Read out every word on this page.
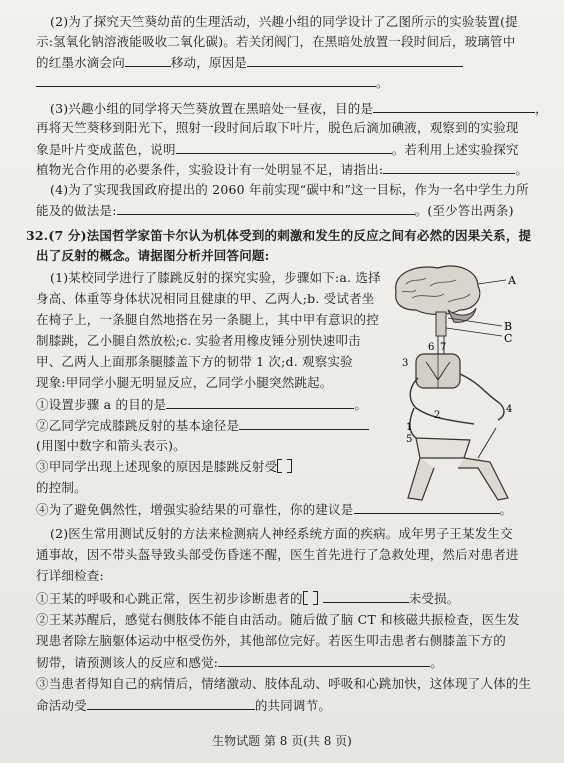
(2)为了探究天竺葵幼苗的生理活动，兴趣小组的同学设计了乙图所示的实验装置(提
示:氢氧化钠溶液能吸收二氧化碳)。若关闭阀门，在黑暗处放置一段时间后，玻璃管中
的红墨水滴会向	移动，原因是
。
(3)兴趣小组的同学将天竺葵放置在黑暗处一昼夜，目的是	，
再将天竺葵移到阳光下，照射一段时间后取下叶片，脱色后滴加碘液，观察到的实验现
象是叶片变成蓝色，说明	。若利用上述实验探究
植物光合作用的必要条件，实验设计有一处明显不足，请指出:	。
(4)为了实现我国政府提出的 2060 年前实现“碳中和”这一目标，作为一名中学生力所
能及的做法是:	。(至少答出两条)
32.(7 分)法国哲学家笛卡尔认为机体受到的刺激和发生的反应之间有必然的因果关系，提
出了反射的概念。请据图分析并回答问题:
(1)某校同学进行了膝跳反射的探究实验，步骤如下:a. 选择
身高、体重等身体状况相同且健康的甲、乙两人;b. 受试者坐
在椅子上，一条腿自然地搭在另一条腿上，其中甲有意识的控
制膝跳，乙小腿自然放松;c. 实验者用橡皮锤分别快速叩击
甲、乙两人上面那条腿膝盖下方的韧带 1 次;d. 观察实验
现象:甲同学小腿无明显反应，乙同学小腿突然跳起。
①设置步骤 a 的目的是	。
②乙同学完成膝跳反射的基本途径是
(用图中数字和箭头表示)。
③甲同学出现上述现象的原因是膝跳反射受
的控制。
④为了避免偶然性，增强实验结果的可靠性，你的建议是	。
(2)医生常用测试反射的方法来检测病人神经系统方面的疾病。成年男子王某发生交
通事故，因不带头盔导致头部受伤昏迷不醒，医生首先进行了急救处理，然后对患者进
行详细检查:
①王某的呼吸和心跳正常，医生初步诊断患者的	未受损。
②王某苏醒后，感觉右侧肢体不能自由活动。随后做了脑 CT 和核磁共振检查，医生发
现患者除左脑躯体运动中枢受伤外，其他部位完好。若医生叩击患者右侧膝盖下方的
韧带，请预测该人的反应和感觉:	。
③当患者得知自己的病情后，情绪激动、肢体乱动、呼吸和心跳加快，这体现了人体的生
命活动受	的共同调节。
A
B
C
6 7
3
4
2
1
5
生物试题 第 8 页(共 8 页)
